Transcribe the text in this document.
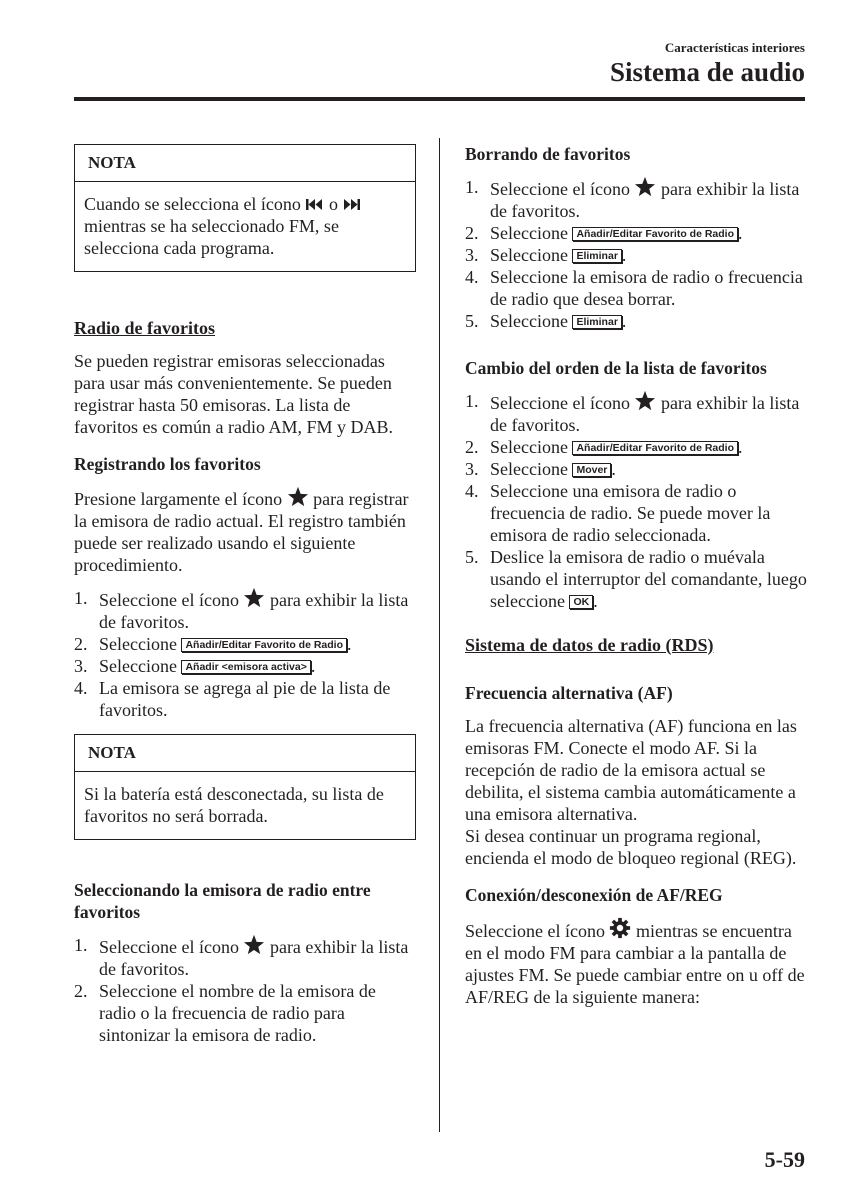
Características interiores
Sistema de audio
NOTA
Cuando se selecciona el ícono o  mientras se ha seleccionado FM, se selecciona cada programa.
Radio de favoritos

Se pueden registrar emisoras seleccionadas para usar más convenientemente. Se pueden registrar hasta 50 emisoras. La lista de favoritos es común a radio AM, FM y DAB.

Registrando los favoritos

Presione largamente el ícono para registrar la emisora de radio actual. El registro también puede ser realizado usando el siguiente procedimiento.

1. Seleccione el ícono para exhibir la lista de favoritos.
2. Seleccione Añadir/Editar Favorito de Radio .
3. Seleccione Añadir <emisora activa> .
4. La emisora se agrega al pie de la lista de favoritos.
NOTA
Si la batería está desconectada, su lista de favoritos no será borrada.
Seleccionando la emisora de radio entre favoritos
1. Seleccione el ícono para exhibir la lista de favoritos.
2. Seleccione el nombre de la emisora de radio o la frecuencia de radio para sintonizar la emisora de radio.
Borrando de favoritos
1. Seleccione el ícono para exhibir la lista de favoritos.
2. Seleccione Añadir/Editar Favorito de Radio .
3. Seleccione Eliminar .
4. Seleccione la emisora de radio o frecuencia de radio que desea borrar.
5. Seleccione Eliminar .
Cambio del orden de la lista de favoritos
1. Seleccione el ícono para exhibir la lista de favoritos.
2. Seleccione Añadir/Editar Favorito de Radio .
3. Seleccione Mover .
4. Seleccione una emisora de radio o frecuencia de radio. Se puede mover la emisora de radio seleccionada.
5. Deslice la emisora de radio o muévala usando el interruptor del comandante, luego seleccione OK .
Sistema de datos de radio (RDS)
Frecuencia alternativa (AF)

La frecuencia alternativa (AF) funciona en las emisoras FM. Conecte el modo AF. Si la recepción de radio de la emisora actual se debilita, el sistema cambia automáticamente a una emisora alternativa.

Si desea continuar un programa regional, encienda el modo de bloqueo regional (REG).

Conexión/desconexión de AF/REG

Seleccione el ícono mientras se encuentra en el modo FM para cambiar a la pantalla de ajustes FM. Se puede cambiar entre on u off de AF/REG de la siguiente manera:

5-59
